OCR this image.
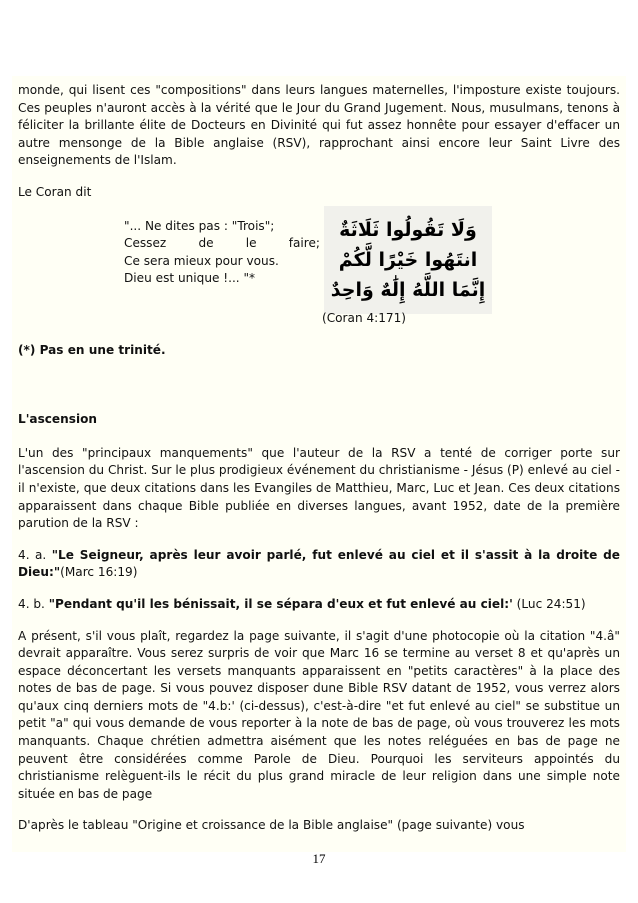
monde, qui lisent ces "compositions" dans leurs langues maternelles, l'imposture existe toujours. Ces peuples n'auront accès à la vérité que le Jour du Grand Jugement. Nous, musulmans, tenons à féliciter la brillante élite de Docteurs en Divinité qui fut assez honnête pour essayer d'effacer un autre mensonge de la Bible anglaise (RSV), rapprochant ainsi encore leur Saint Livre des enseignements de l'Islam.

Le Coran dit

"... Ne dites pas : "Trois";
Cessez de le faire;
Ce sera mieux pour vous.
Dieu est unique !... "*
وَلَا تَقُولُوا ثَلَاثَةٌ
انتَهُوا خَيْرًا لَّكُمْ
إِنَّمَا اللَّهُ إِلَٰهٌ وَاحِدٌ
(Coran 4:171)

(*) Pas en une trinité.

L'ascension

L'un des "principaux manquements" que l'auteur de la RSV a tenté de corriger porte sur l'ascension du Christ. Sur le plus prodigieux événement du christianisme - Jésus (P) enlevé au ciel - il n'existe, que deux citations dans les Evangiles de Matthieu, Marc, Luc et Jean. Ces deux citations apparaissent dans chaque Bible publiée en diverses langues, avant 1952, date de la première parution de la RSV :

4. a. "Le Seigneur, après leur avoir parlé, fut enlevé au ciel et il s'assit à la droite de Dieu:"(Marc 16:19)

4. b. "Pendant qu'il les bénissait, il se sépara d'eux et fut enlevé au ciel:' (Luc 24:51)

A présent, s'il vous plaît, regardez la page suivante, il s'agit d'une photocopie où la citation "4.â" devrait apparaître. Vous serez surpris de voir que Marc 16 se termine au verset 8 et qu'après un espace déconcertant les versets manquants apparaissent en "petits caractères" à la place des notes de bas de page. Si vous pouvez disposer dune Bible RSV datant de 1952, vous verrez alors qu'aux cinq derniers mots de "4.b:' (ci-dessus), c'est-à-dire "et fut enlevé au ciel" se substitue un petit "a" qui vous demande de vous reporter à la note de bas de page, où vous trouverez les mots manquants. Chaque chrétien admettra aisément que les notes reléguées en bas de page ne peuvent être considérées comme Parole de Dieu. Pourquoi les serviteurs appointés du christianisme relèguent-ils le récit du plus grand miracle de leur religion dans une simple note située en bas de page

D'après le tableau "Origine et croissance de la Bible anglaise" (page suivante) vous

17
